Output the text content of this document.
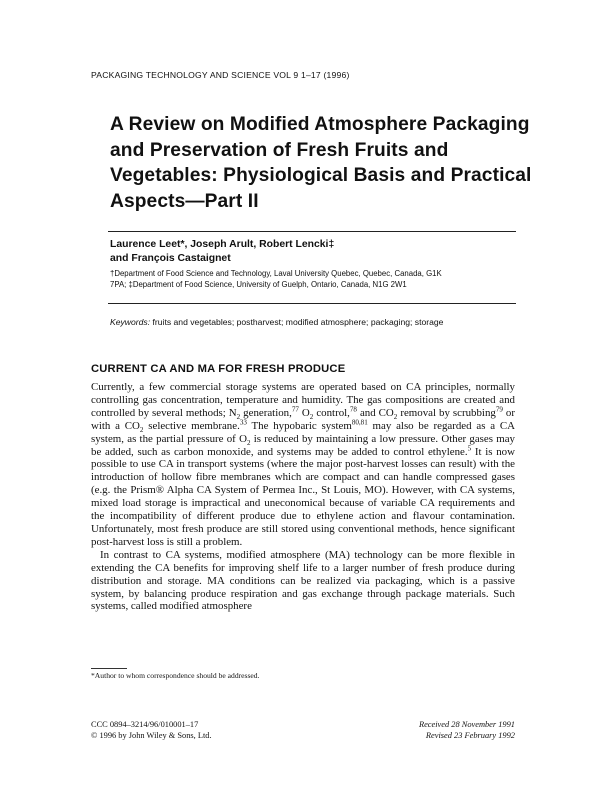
PACKAGING TECHNOLOGY AND SCIENCE VOL 9 1–17 (1996)
A Review on Modified Atmosphere Packaging and Preservation of Fresh Fruits and Vegetables: Physiological Basis and Practical Aspects—Part II
Laurence Leet*, Joseph Arult, Robert Lencki‡
and François Castaignet
†Department of Food Science and Technology, Laval University Quebec, Quebec, Canada, G1K
7PA; ‡Department of Food Science, University of Guelph, Ontario, Canada, N1G 2W1
Keywords: fruits and vegetables; postharvest; modified atmosphere; packaging; storage
CURRENT CA AND MA FOR FRESH PRODUCE

Currently, a few commercial storage systems are operated based on CA principles, normally controlling gas concentration, temperature and humidity. The gas compositions are created and controlled by several methods; $N_2$ generation,$^{77}$ $O_2$ control,$^{78}$ and $CO_2$ removal by scrubbing$^{79}$ or with a $CO_2$ selective membrane.$^{33}$ The hypobaric system$^{80,81}$ may also be regarded as a CA system, as the partial pressure of $O_2$ is reduced by maintaining a low pressure. Other gases may be added, such as carbon monoxide, and systems may be added to control ethylene.$^5$ It is now possible to use CA in transport systems (where the major post-harvest losses can result) with the introduction of hollow fibre membranes which are compact and can handle compressed gases (e.g. the Prism® Alpha CA System of Permea Inc., St Louis, MO). However, with CA systems, mixed load storage is impractical and uneconomical because of variable CA requirements and the incompatibility of different produce due to ethylene action and flavour contamination. Unfortunately, most fresh produce are still stored using conventional methods, hence significant post-harvest loss is still a problem.

In contrast to CA systems, modified atmosphere (MA) technology can be more flexible in extending the CA benefits for improving shelf life to a larger number of fresh produce during distribution and storage. MA conditions can be realized via packaging, which is a passive system, by balancing produce respiration and gas exchange through package materials. Such systems, called modified atmosphere

*Author to whom correspondence should be addressed.
CCC 0894–3214/96/010001–17
© 1996 by John Wiley & Sons, Ltd.
Received 28 November 1991
Revised 23 February 1992
